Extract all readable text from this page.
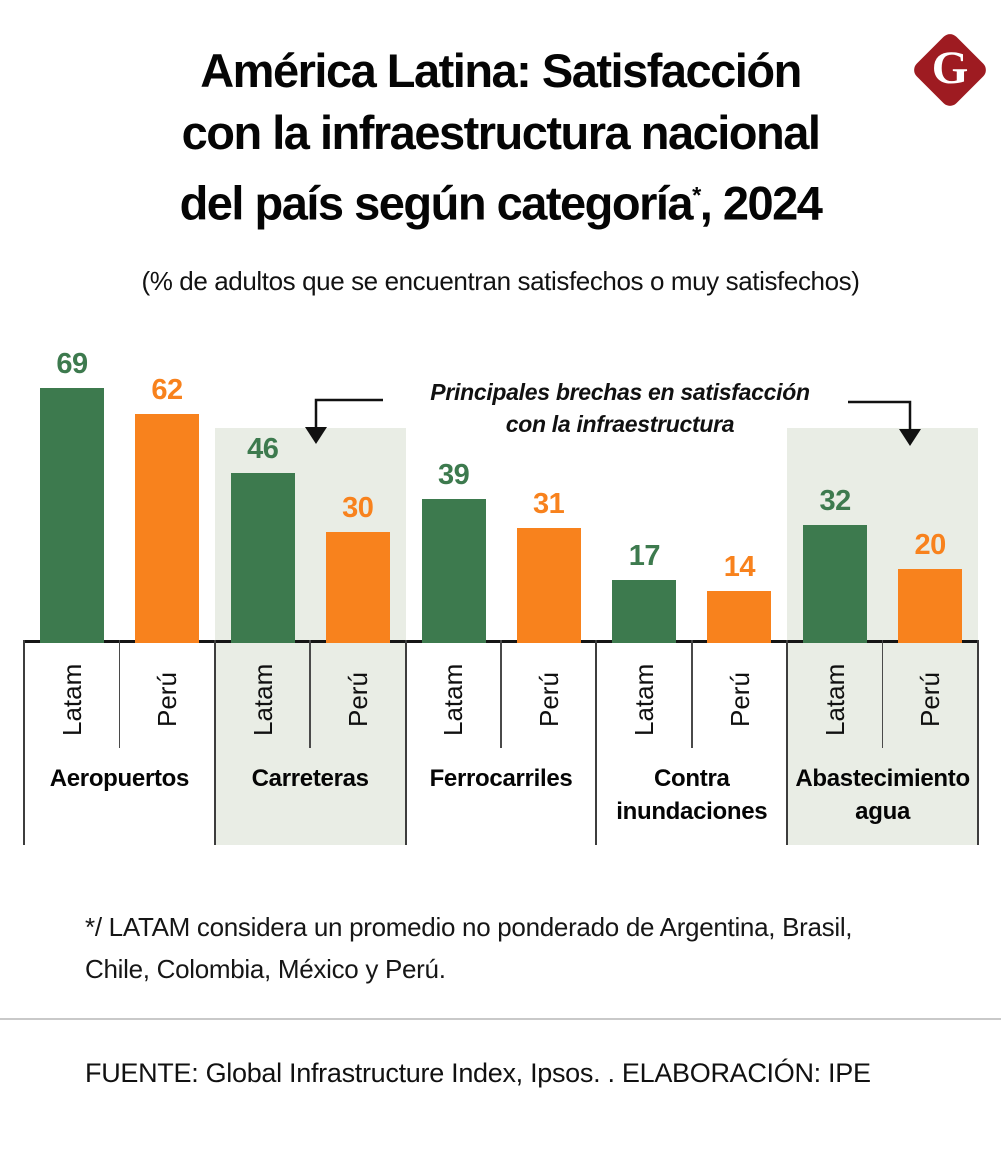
América Latina: Satisfacción
con la infraestructura nacional
del país según categoría*, 2024
(% de adultos que se encuentran satisfechos o muy satisfechos)
G
Principales brechas en satisfacción
con la infraestructura
69
Latam
62
Perú
Aeropuertos
46
Latam
30
Perú
Carreteras
39
Latam
31
Perú
Ferrocarriles
17
Latam
14
Perú
Contra inundaciones
32
Latam
20
Perú
Abastecimiento agua
*/ LATAM considera un promedio no ponderado de Argentina, Brasil, Chile, Colombia, México y Perú.
FUENTE: Global Infrastructure Index, Ipsos. . ELABORACIÓN: IPE
